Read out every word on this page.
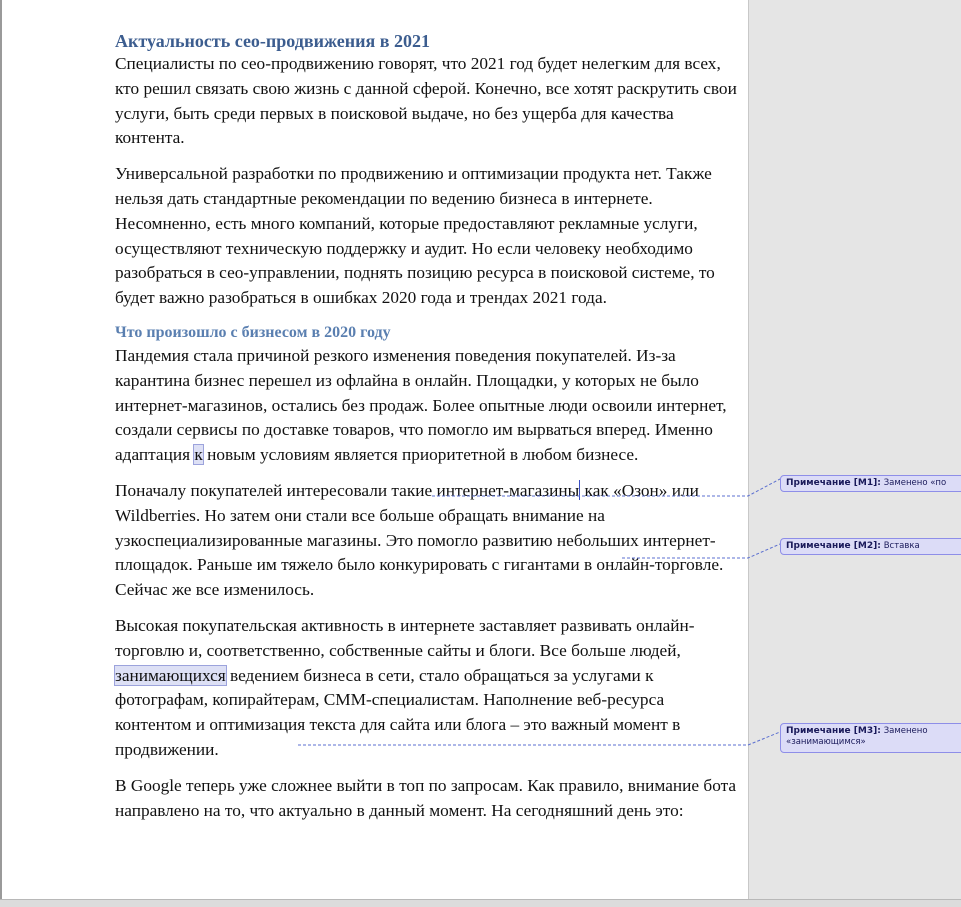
Актуальность сео-продвижения в 2021

Специалисты по сео-продвижению говорят, что 2021 год будет нелегким для всех, кто решил связать свою жизнь с данной сферой. Конечно, все хотят раскрутить свои услуги, быть среди первых в поисковой выдаче, но без ущерба для качества контента.

Универсальной разработки по продвижению и оптимизации продукта нет. Также нельзя дать стандартные рекомендации по ведению бизнеса в интернете. Несомненно, есть много компаний, которые предоставляют рекламные услуги, осуществляют техническую поддержку и аудит. Но если человеку необходимо разобраться в сео-управлении, поднять позицию ресурса в поисковой системе, то будет важно разобраться в ошибках 2020 года и трендах 2021 года.

Что произошло с бизнесом в 2020 году

Пандемия стала причиной резкого изменения поведения покупателей. Из-за карантина бизнес перешел из офлайна в онлайн. Площадки, у которых не было интернет-магазинов, остались без продаж. Более опытные люди освоили интернет, создали сервисы по доставке товаров, что помогло им вырваться вперед. Именно адаптация к новым условиям является приоритетной в любом бизнесе.

Поначалу покупателей интересовали такие интернет-магазины как «Озон» или Wildberries. Но затем они стали все больше обращать внимание на узкоспециализированные магазины. Это помогло развитию небольших интернет-площадок. Раньше им тяжело было конкурировать с гигантами в онлайн-торговле. Сейчас же все изменилось.

Высокая покупательская активность в интернете заставляет развивать онлайн-торговлю и, соответственно, собственные сайты и блоги. Все больше людей, занимающихся ведением бизнеса в сети, стало обращаться за услугами к фотографам, копирайтерам, СММ-специалистам. Наполнение веб-ресурса контентом и оптимизация текста для сайта или блога – это важный момент в продвижении.

В Google теперь уже сложнее выйти в топ по запросам. Как правило, внимание бота направлено на то, что актуально в данный момент. На сегодняшний день это:

Примечание [M1]: Заменено «по
Примечание [M2]: Вставка
Примечание [M3]: Заменено «занимающимся»
